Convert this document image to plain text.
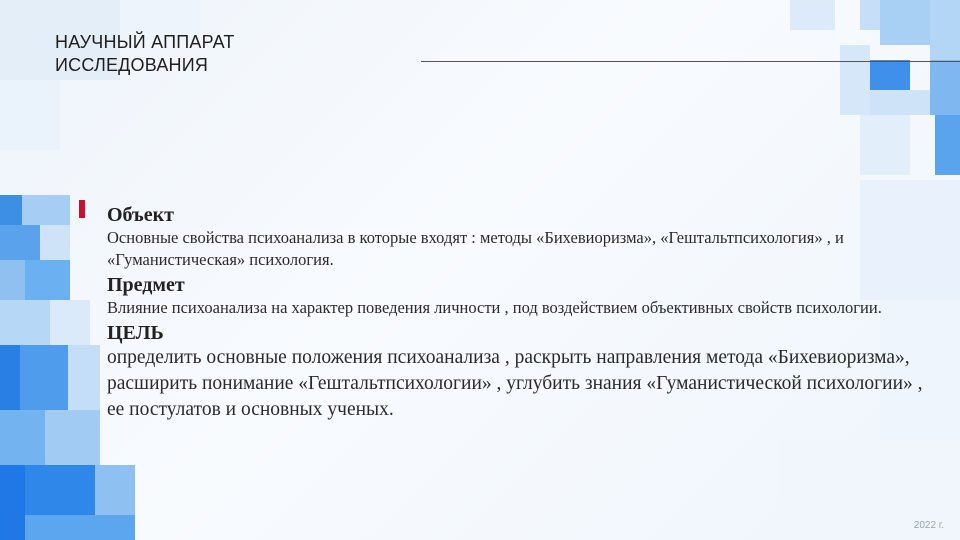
НАУЧНЫЙ АППАРАТ
ИССЛЕДОВАНИЯ

Объект

Основные свойства психоанализа в которые входят : методы «Бихевиоризма», «Гештальтпсихология» , и «Гуманистическая» психология.

Предмет

Влияние психоанализа на характер поведения личности , под воздействием объективных свойств психологии.

ЦЕЛЬ

определить основные положения психоанализа , раскрыть направления метода «Бихевиоризма», расширить понимание «Гештальтпсихологии» , углубить знания «Гуманистической психологии» , ее постулатов и основных ученых.

2022 г.
